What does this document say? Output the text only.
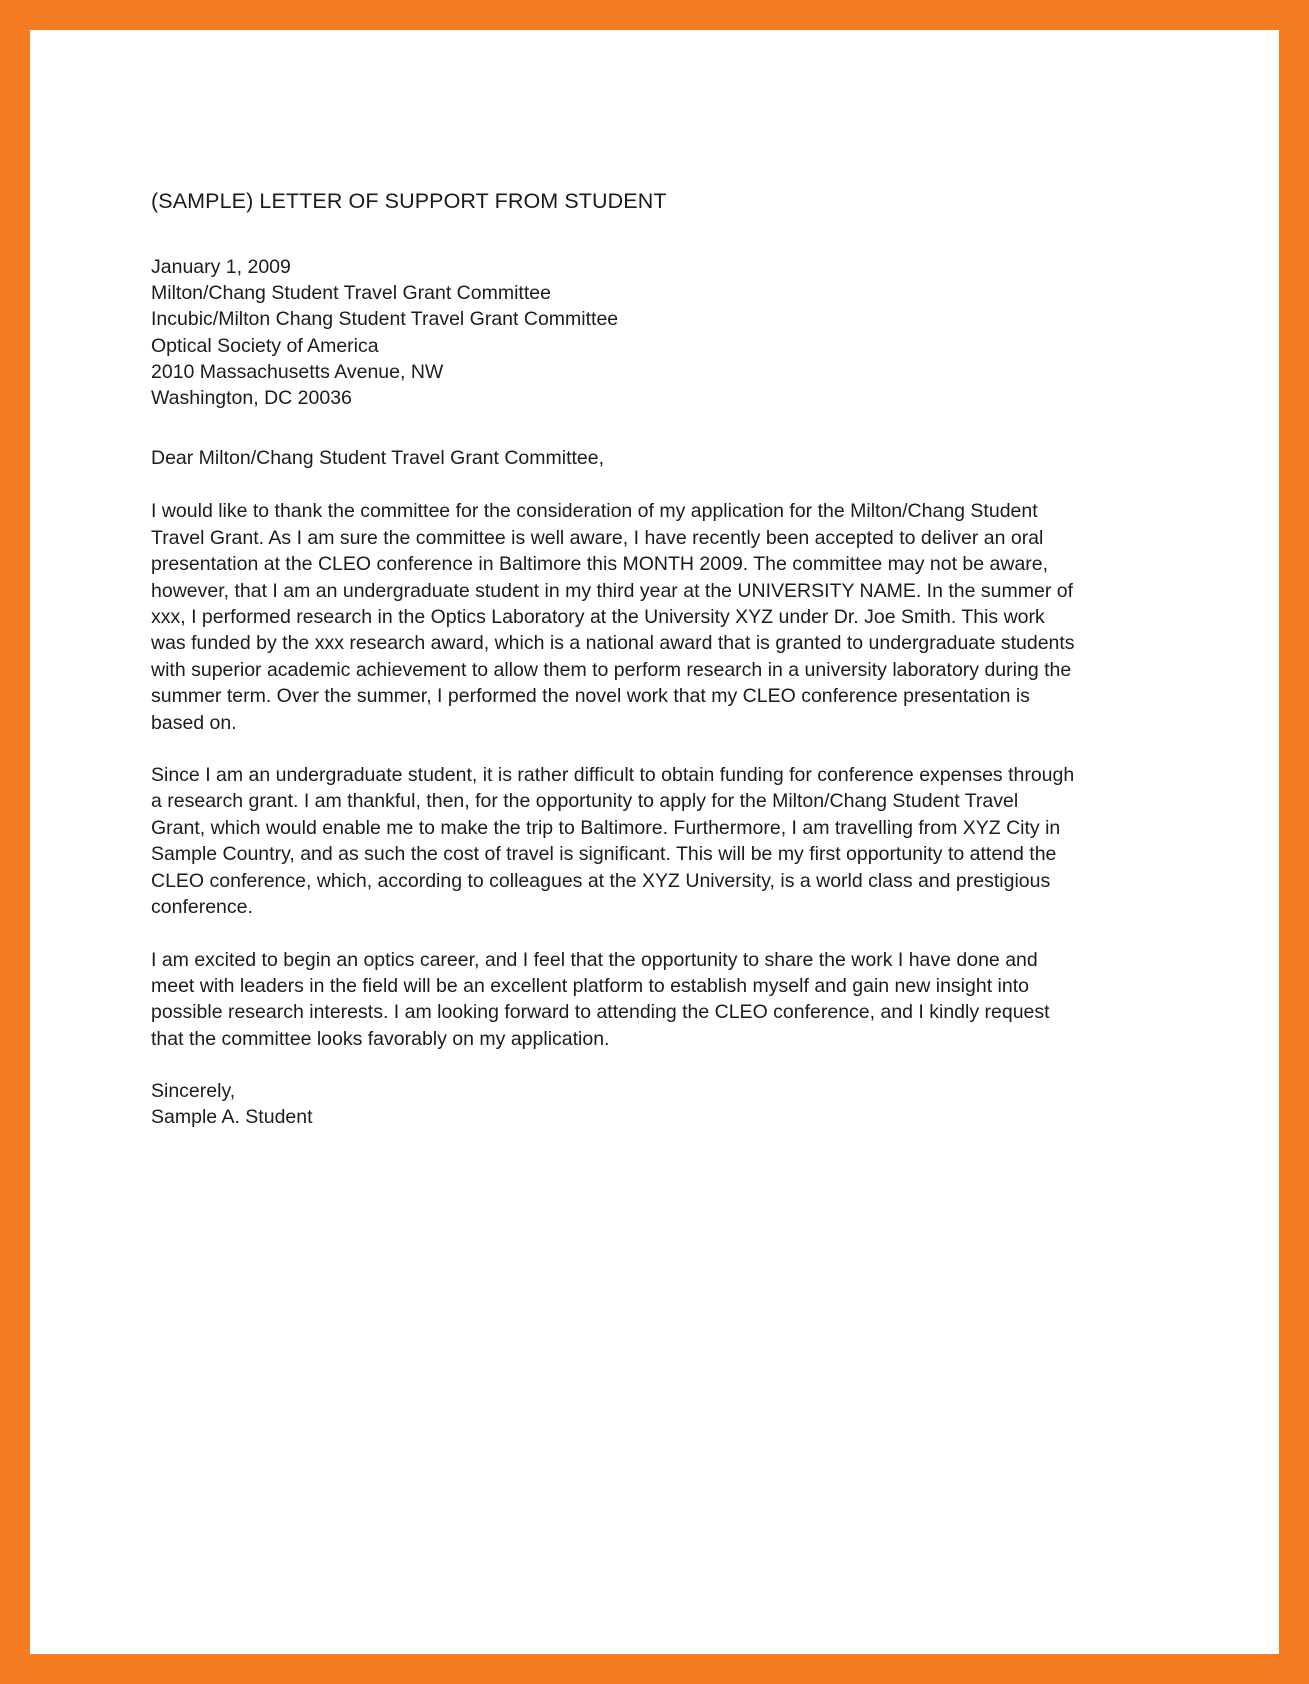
(SAMPLE) LETTER OF SUPPORT FROM STUDENT
January 1, 2009
Milton/Chang Student Travel Grant Committee
Incubic/Milton Chang Student Travel Grant Committee
Optical Society of America
2010 Massachusetts Avenue, NW
Washington, DC 20036
Dear Milton/Chang Student Travel Grant Committee,

I would like to thank the committee for the consideration of my application for the Milton/Chang Student Travel Grant. As I am sure the committee is well aware, I have recently been accepted to deliver an oral presentation at the CLEO conference in Baltimore this MONTH 2009. The committee may not be aware, however, that I am an undergraduate student in my third year at the UNIVERSITY NAME. In the summer of xxx, I performed research in the Optics Laboratory at the University XYZ under Dr. Joe Smith. This work was funded by the xxx research award, which is a national award that is granted to undergraduate students with superior academic achievement to allow them to perform research in a university laboratory during the summer term. Over the summer, I performed the novel work that my CLEO conference presentation is based on.

Since I am an undergraduate student, it is rather difficult to obtain funding for conference expenses through a research grant. I am thankful, then, for the opportunity to apply for the Milton/Chang Student Travel Grant, which would enable me to make the trip to Baltimore. Furthermore, I am travelling from XYZ City in Sample Country, and as such the cost of travel is significant. This will be my first opportunity to attend the CLEO conference, which, according to colleagues at the XYZ University, is a world class and prestigious conference.

I am excited to begin an optics career, and I feel that the opportunity to share the work I have done and meet with leaders in the field will be an excellent platform to establish myself and gain new insight into possible research interests. I am looking forward to attending the CLEO conference, and I kindly request that the committee looks favorably on my application.

Sincerely,
Sample A. Student
